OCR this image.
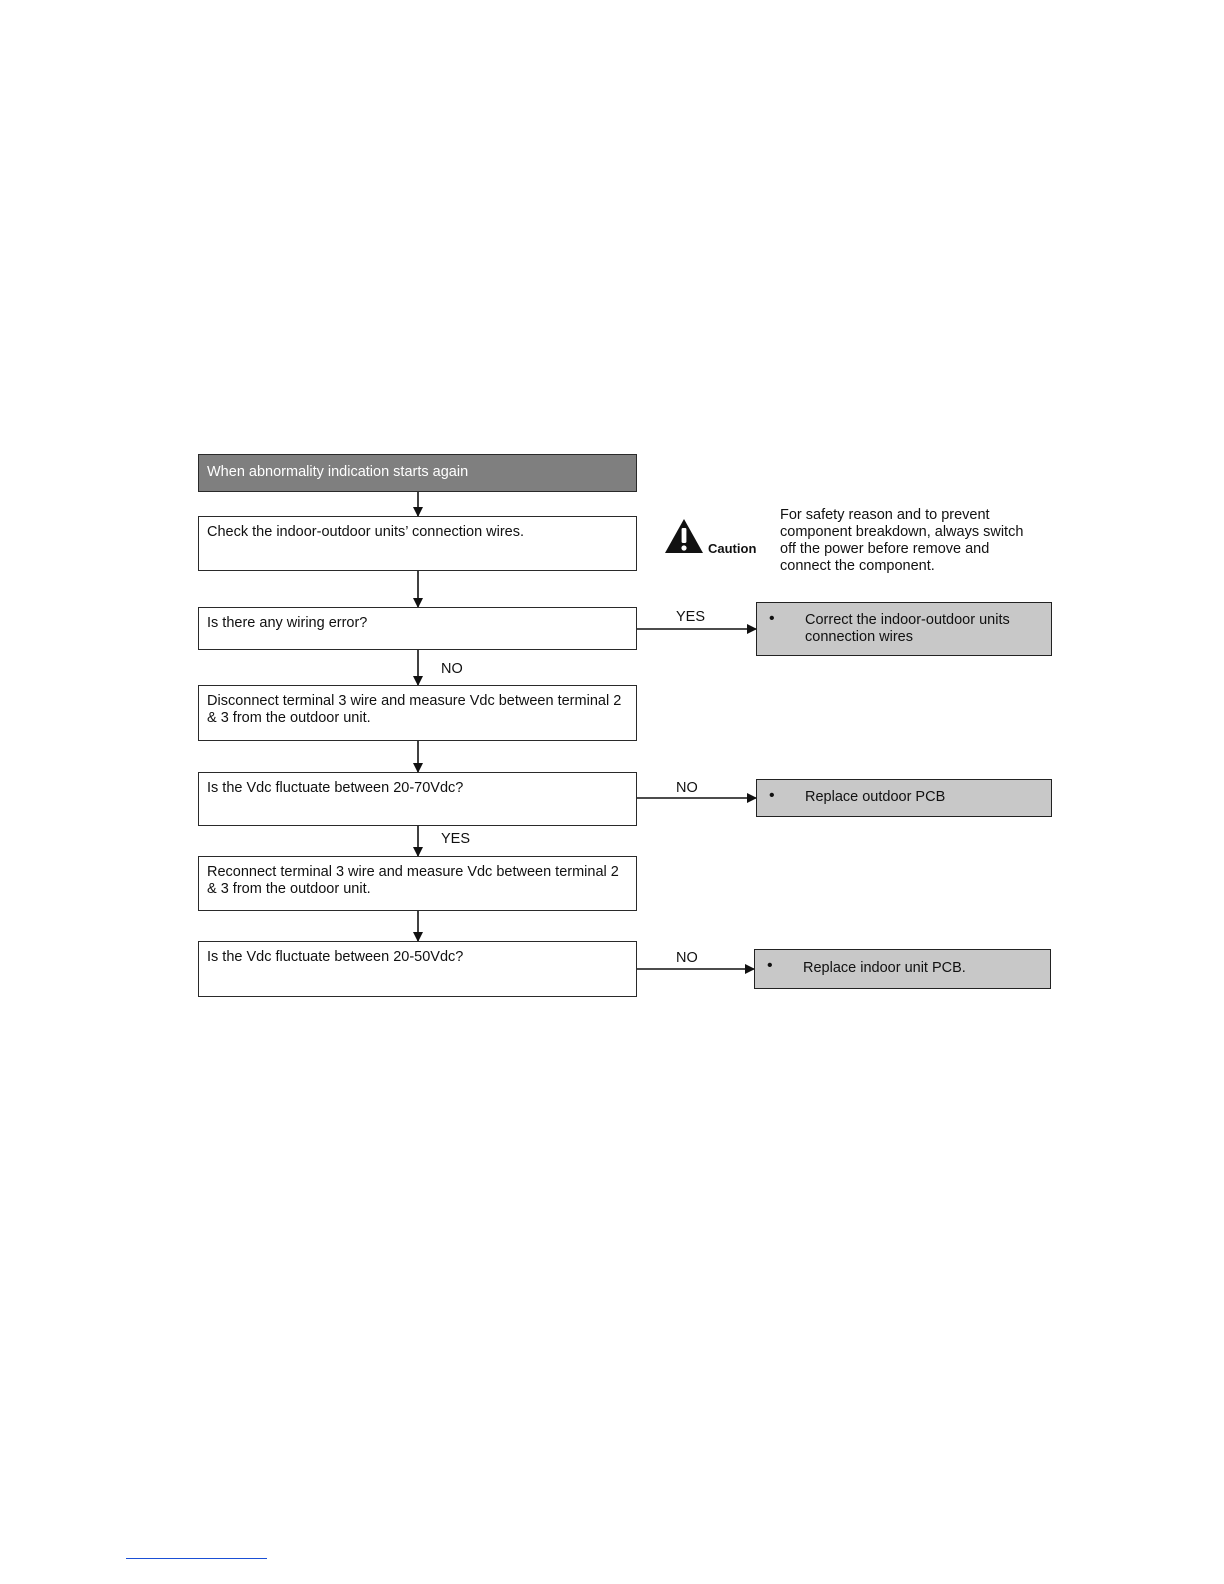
When abnormality indication starts again
Check the indoor-outdoor units’ connection wires.
Is there any wiring error?
Disconnect terminal 3 wire and measure Vdc between terminal 2 & 3 from the outdoor unit.
Is the Vdc fluctuate between 20-70Vdc?
Reconnect terminal 3 wire and measure Vdc between terminal 2 & 3 from the outdoor unit.
Is the Vdc fluctuate between 20-50Vdc?
YES
NO
NO
YES
NO
• Correct the indoor-outdoor units connection wires
• Replace outdoor PCB
• Replace indoor unit PCB.
Caution
For safety reason and to prevent component breakdown, always switch off the power before remove and connect the component.
